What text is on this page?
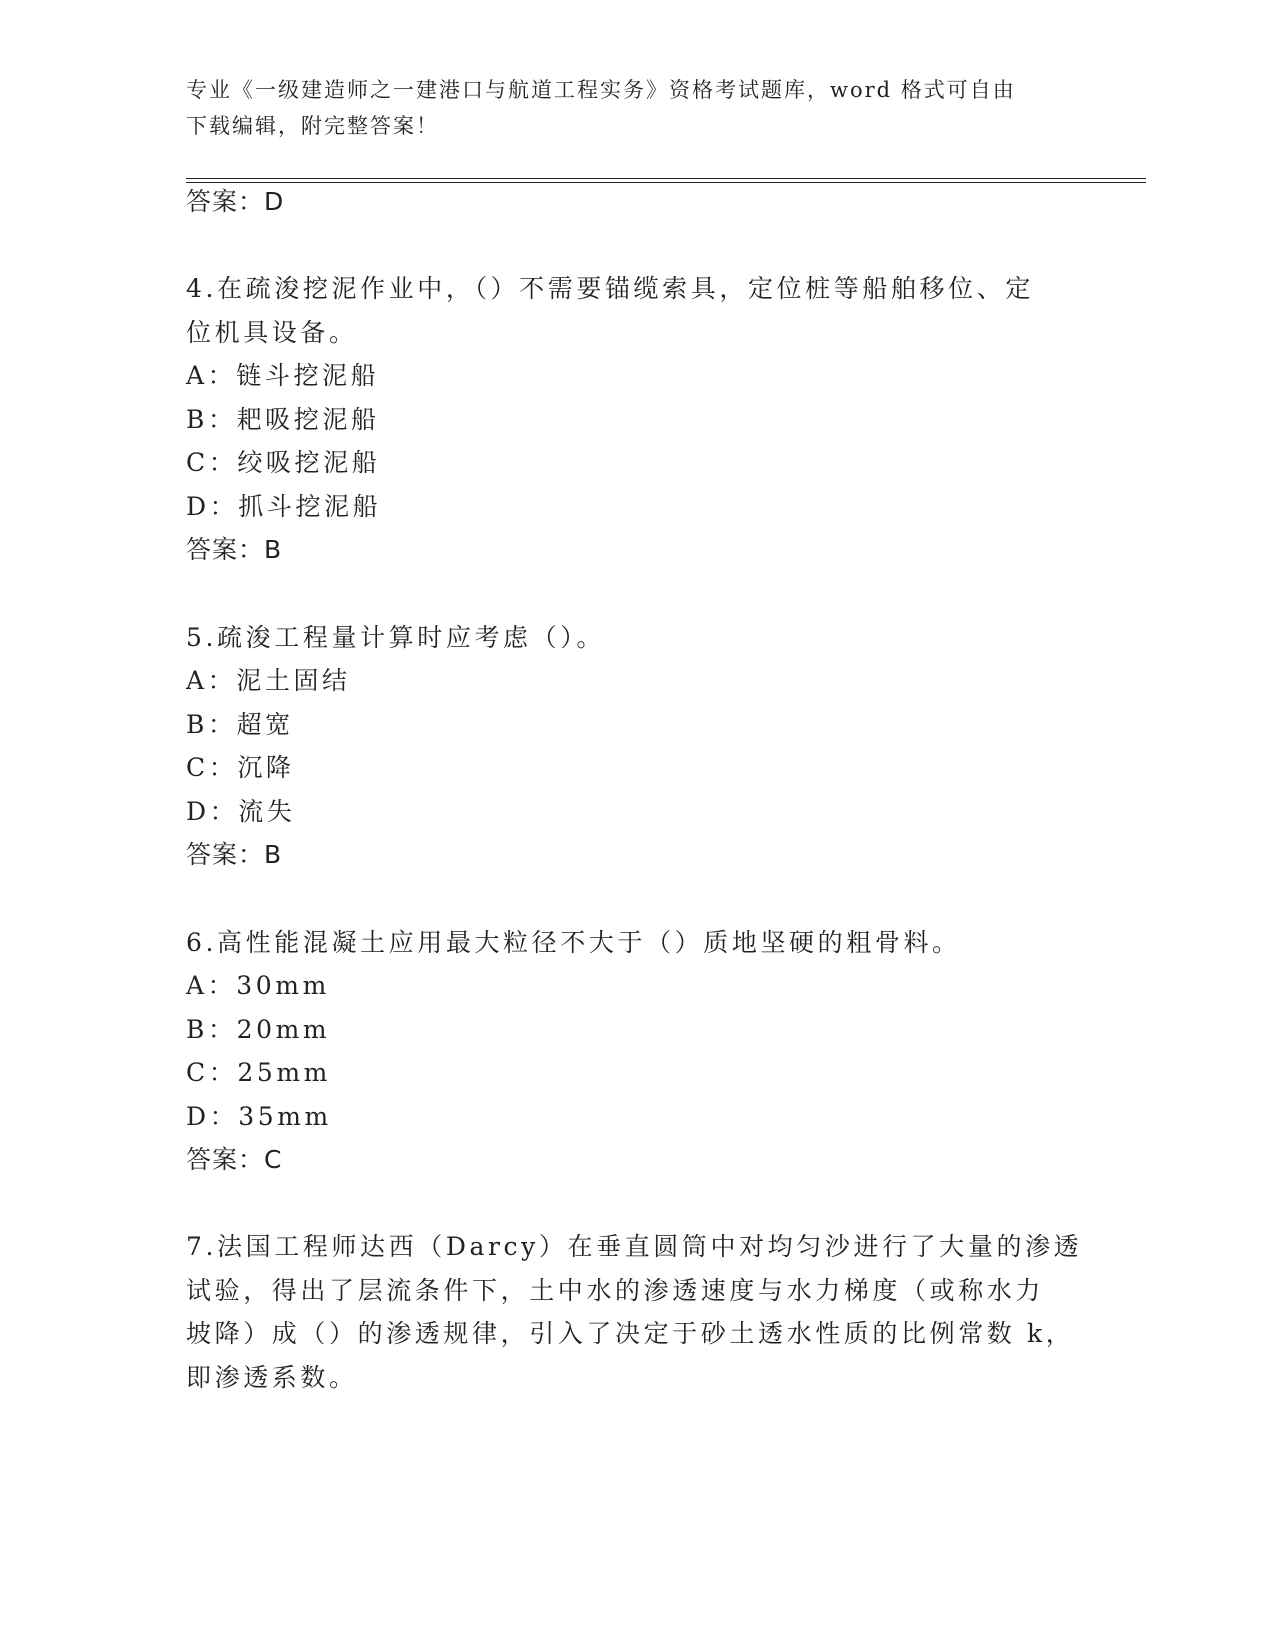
专业《一级建造师之一建港口与航道工程实务》资格考试题库，word 格式可自由
下载编辑，附完整答案！
答案：D
4.在疏浚挖泥作业中，（）不需要锚缆索具，定位桩等船舶移位、定
位机具设备。
A：链斗挖泥船
B：耙吸挖泥船
C：绞吸挖泥船
D：抓斗挖泥船
答案：B
5.疏浚工程量计算时应考虑（）。
A：泥土固结
B：超宽
C：沉降
D：流失
答案：B
6.高性能混凝土应用最大粒径不大于（）质地坚硬的粗骨料。
A：30mm
B：20mm
C：25mm
D：35mm
答案：C
7.法国工程师达西（Darcy）在垂直圆筒中对均匀沙进行了大量的渗透
试验，得出了层流条件下，土中水的渗透速度与水力梯度（或称水力
坡降）成（）的渗透规律，引入了决定于砂土透水性质的比例常数 k，
即渗透系数。
